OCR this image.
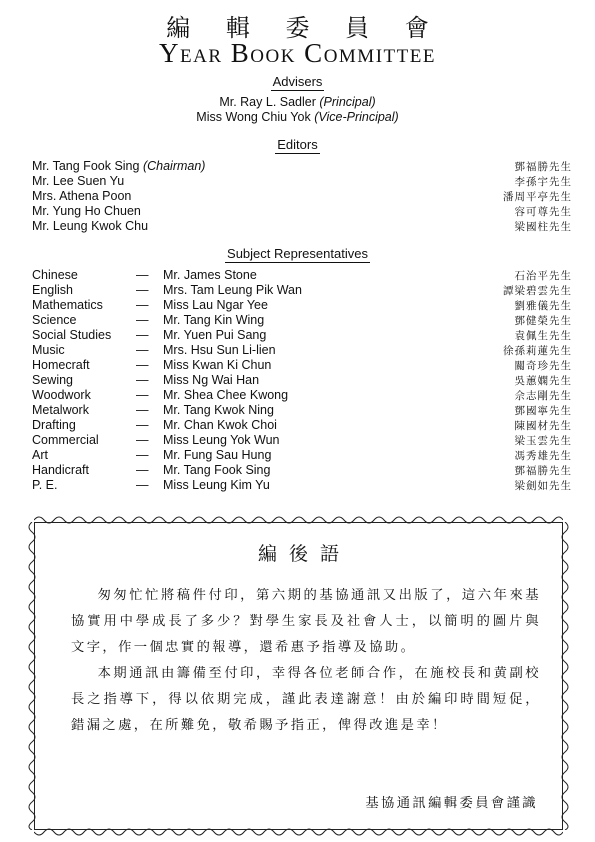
編 輯 委 員 會
Year Book Committee
Advisers
Mr. Ray L. Sadler (Principal)
Miss Wong Chiu Yok (Vice-Principal)
Editors
Mr. Tang Fook Sing (Chairman)	鄧福勝先生
Mr. Lee Suen Yu	李孫宇先生
Mrs. Athena Poon	潘周平亭先生
Mr. Yung Ho Chuen	容可尊先生
Mr. Leung Kwok Chu	梁國柱先生
Subject Representatives
Chinese	— Mr. James Stone	石治平先生
English	— Mrs. Tam Leung Pik Wan	譚梁碧雲先生
Mathematics	— Miss Lau Ngar Yee	劉雅儀先生
Science	— Mr. Tang Kin Wing	鄧健榮先生
Social Studies — Mr. Yuen Pui Sang	袁佩生先生
Music	— Mrs. Hsu Sun Li-lien	徐孫莉蓮先生
Homecraft	— Miss Kwan Ki Chun	關奇珍先生
Sewing	— Miss Ng Wai Han	吳蕙嫻先生
Woodwork	— Mr. Shea Chee Kwong	佘志剛先生
Metalwork	— Mr. Tang Kwok Ning	鄧國寧先生
Drafting	— Mr. Chan Kwok Choi	陳國材先生
Commercial	— Miss Leung Yok Wun	梁玉雲先生
Art	— Mr. Fung Sau Hung	馮秀雄先生
Handicraft	— Mr. Tang Fook Sing	鄧福勝先生
P. E.	— Miss Leung Kim Yu	梁劍如先生
編後語

匆匆忙忙將稿件付印，第六期的基協通訊又出版了，這六年來基協實用中學成長了多少？對學生家長及社會人士，以簡明的圖片與文字，作一個忠實的報導，還希惠予指導及協助。

本期通訊由籌備至付印，幸得各位老師合作，在施校長和黄副校長之指導下，得以依期完成，謹此表達謝意！由於編印時間短促，錯漏之處，在所難免，敬希賜予指正，俾得改進是幸！

基協通訊編輯委員會謹識
